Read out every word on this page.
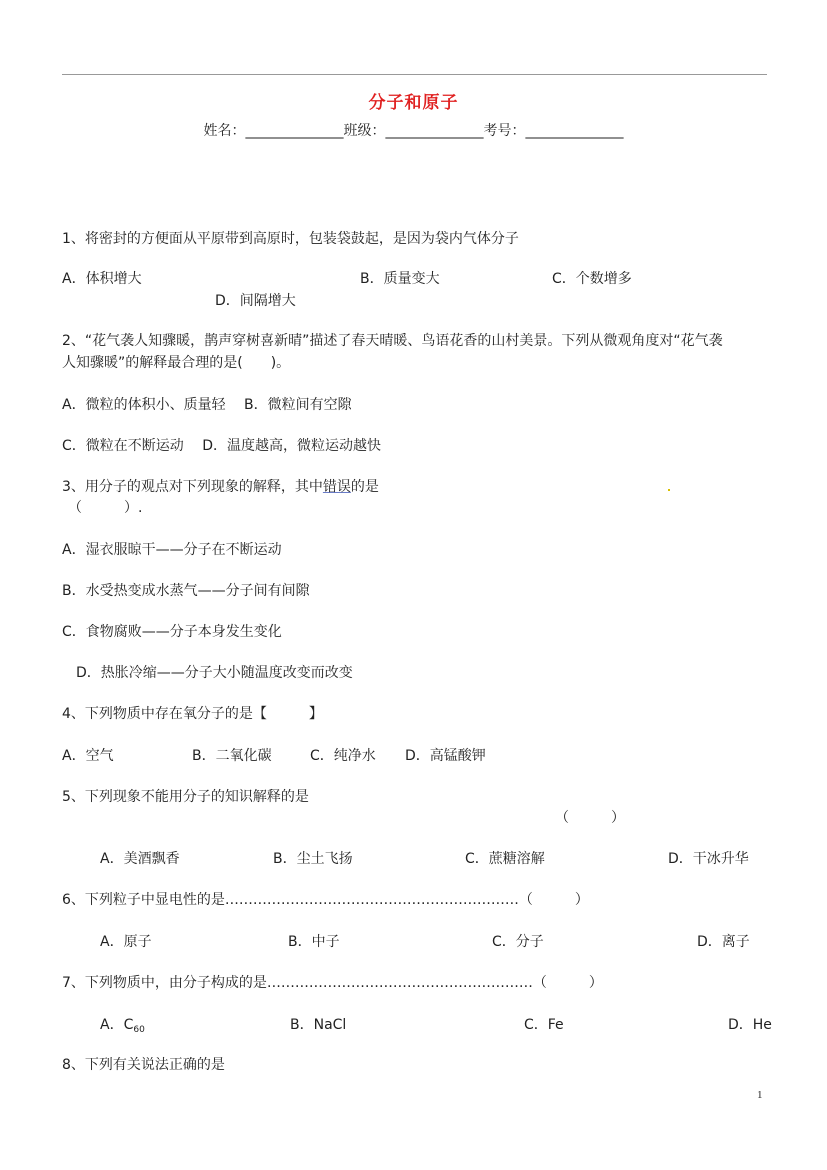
分子和原子
姓名：______________班级：______________考号：______________
1、将密封的方便面从平原带到高原时，包装袋鼓起，是因为袋内气体分子
A．体积增大	B．质量变大	C．个数增多
D．间隔增大
2、“花气袭人知骤暖，鹊声穿树喜新晴”描述了春天晴暖、鸟语花香的山村美景。下列从微观角度对“花气袭
人知骤暖”的解释最合理的是(　　)。
A．微粒的体积小、质量轻　 B．微粒间有空隙
C．微粒在不断运动　 D．温度越高，微粒运动越快
3、用分子的观点对下列现象的解释，其中错误的是
（　　　）.
A．湿衣服晾干——分子在不断运动
B．水受热变成水蒸气——分子间有间隙
C．食物腐败——分子本身发生变化
D．热胀冷缩——分子大小随温度改变而改变
4、下列物质中存在氧分子的是【　　　】
A．空气	B．二氧化碳	C．纯净水 D．高锰酸钾
5、下列现象不能用分子的知识解释的是
（　　　）
A．美酒飘香	B．尘土飞扬	C．蔗糖溶解	D．干冰升华
6、下列粒子中显电性的是………………………………………………………（　　　）
A．原子	B．中子	C．分子	D．离子
7、下列物质中，由分子构成的是…………………………………………………（　　　）
A．$C_{60}$	B．NaCl	C．Fe	D．He
8、下列有关说法正确的是
1
